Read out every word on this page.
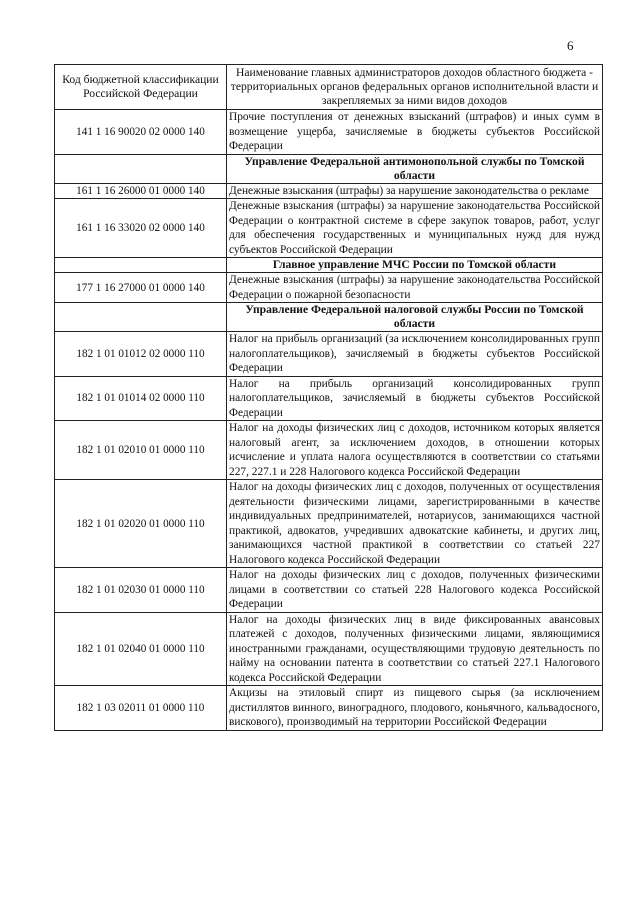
6
Код бюджетной классификации Российской Федерации	Наименование главных администраторов доходов областного бюджета - территориальных органов федеральных органов исполнительной власти и закрепляемых за ними видов доходов
141 1 16 90020 02 0000 140	Прочие поступления от денежных взысканий (штрафов) и иных сумм в возмещение ущерба, зачисляемые в бюджеты субъектов Российской Федерации
	Управление Федеральной антимонопольной службы по Томской области
161 1 16 26000 01 0000 140	Денежные взыскания (штрафы) за нарушение законодательства о рекламе
161 1 16 33020 02 0000 140	Денежные взыскания (штрафы) за нарушение законодательства Российской Федерации о контрактной системе в сфере закупок товаров, работ, услуг для обеспечения государственных и муниципальных нужд для нужд субъектов Российской Федерации
	Главное управление МЧС России по Томской области
177 1 16 27000 01 0000 140	Денежные взыскания (штрафы) за нарушение законодательства Российской Федерации о пожарной безопасности
	Управление Федеральной налоговой службы России по Томской области
182 1 01 01012 02 0000 110	Налог на прибыль организаций (за исключением консолидированных групп налогоплательщиков), зачисляемый в бюджеты субъектов Российской Федерации
182 1 01 01014 02 0000 110	Налог на прибыль организаций консолидированных групп налогоплательщиков, зачисляемый в бюджеты субъектов Российской Федерации
182 1 01 02010 01 0000 110	Налог на доходы физических лиц с доходов, источником которых является налоговый агент, за исключением доходов, в отношении которых исчисление и уплата налога осуществляются в соответствии со статьями 227, 227.1 и 228 Налогового кодекса Российской Федерации
182 1 01 02020 01 0000 110	Налог на доходы физических лиц с доходов, полученных от осуществления деятельности физическими лицами, зарегистрированными в качестве индивидуальных предпринимателей, нотариусов, занимающихся частной практикой, адвокатов, учредивших адвокатские кабинеты, и других лиц, занимающихся частной практикой в соответствии со статьей 227 Налогового кодекса Российской Федерации
182 1 01 02030 01 0000 110	Налог на доходы физических лиц с доходов, полученных физическими лицами в соответствии со статьей 228 Налогового кодекса Российской Федерации
182 1 01 02040 01 0000 110	Налог на доходы физических лиц в виде фиксированных авансовых платежей с доходов, полученных физическими лицами, являющимися иностранными гражданами, осуществляющими трудовую деятельность по найму на основании патента в соответствии со статьей 227.1 Налогового кодекса Российской Федерации
182 1 03 02011 01 0000 110	Акцизы на этиловый спирт из пищевого сырья (за исключением дистиллятов винного, виноградного, плодового, коньячного, кальвадосного, вискового), производимый на территории Российской Федерации
